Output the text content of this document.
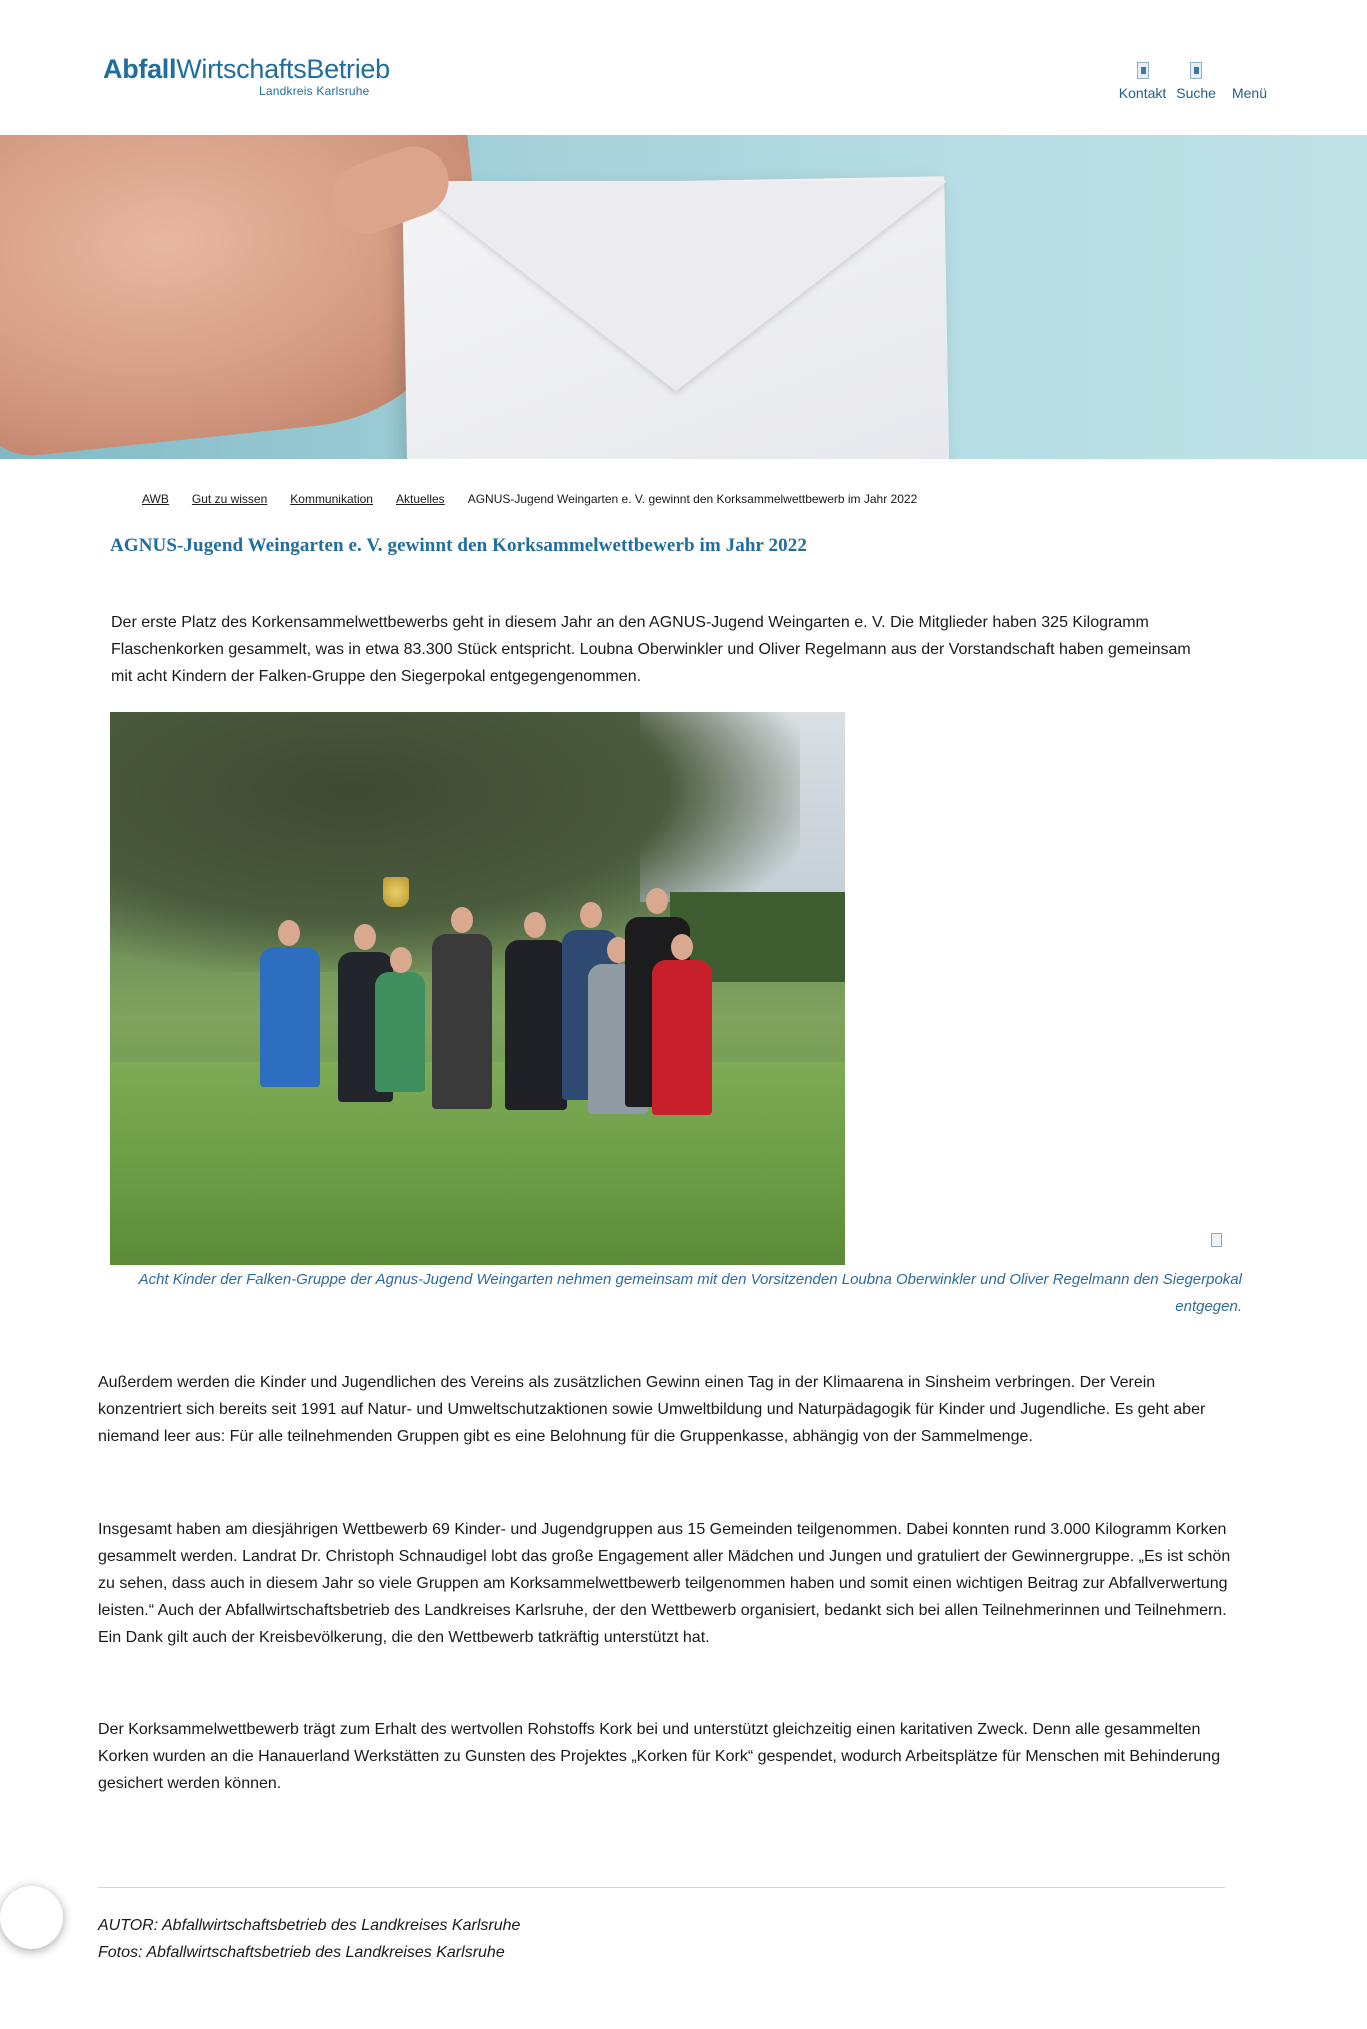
AbfallWirtschaftsBetrieb
Landkreis Karlsruhe	Kontakt Suche Menü
AWB Gut zu wissen Kommunikation Aktuelles AGNUS-Jugend Weingarten e. V. gewinnt den Korksammelwettbewerb im Jahr 2022
AGNUS-Jugend Weingarten e. V. gewinnt den Korksammelwettbewerb im Jahr 2022

Der erste Platz des Korkensammelwettbewerbs geht in diesem Jahr an den AGNUS-Jugend Weingarten e. V. Die Mitglieder haben 325 Kilogramm Flaschenkorken gesammelt, was in etwa 83.300 Stück entspricht. Loubna Oberwinkler und Oliver Regelmann aus der Vorstandschaft haben gemeinsam mit acht Kindern der Falken-Gruppe den Siegerpokal entgegengenommen.

Acht Kinder der Falken-Gruppe der Agnus-Jugend Weingarten nehmen gemeinsam mit den Vorsitzenden Loubna Oberwinkler und Oliver Regelmann den Siegerpokal entgegen.

Außerdem werden die Kinder und Jugendlichen des Vereins als zusätzlichen Gewinn einen Tag in der Klimaarena in Sinsheim verbringen. Der Verein konzentriert sich bereits seit 1991 auf Natur- und Umweltschutzaktionen sowie Umweltbildung und Naturpädagogik für Kinder und Jugendliche. Es geht aber niemand leer aus: Für alle teilnehmenden Gruppen gibt es eine Belohnung für die Gruppenkasse, abhängig von der Sammelmenge.

Insgesamt haben am diesjährigen Wettbewerb 69 Kinder- und Jugendgruppen aus 15 Gemeinden teilgenommen. Dabei konnten rund 3.000 Kilogramm Korken gesammelt werden. Landrat Dr. Christoph Schnaudigel lobt das große Engagement aller Mädchen und Jungen und gratuliert der Gewinnergruppe. „Es ist schön zu sehen, dass auch in diesem Jahr so viele Gruppen am Korksammelwettbewerb teilgenommen haben und somit einen wichtigen Beitrag zur Abfallverwertung leisten.“ Auch der Abfallwirtschaftsbetrieb des Landkreises Karlsruhe, der den Wettbewerb organisiert, bedankt sich bei allen Teilnehmerinnen und Teilnehmern. Ein Dank gilt auch der Kreisbevölkerung, die den Wettbewerb tatkräftig unterstützt hat.

Der Korksammelwettbewerb trägt zum Erhalt des wertvollen Rohstoffs Kork bei und unterstützt gleichzeitig einen karitativen Zweck. Denn alle gesammelten Korken wurden an die Hanauerland Werkstätten zu Gunsten des Projektes „Korken für Kork“ gespendet, wodurch Arbeitsplätze für Menschen mit Behinderung gesichert werden können.

AUTOR: Abfallwirtschaftsbetrieb des Landkreises Karlsruhe
Fotos: Abfallwirtschaftsbetrieb des Landkreises Karlsruhe
